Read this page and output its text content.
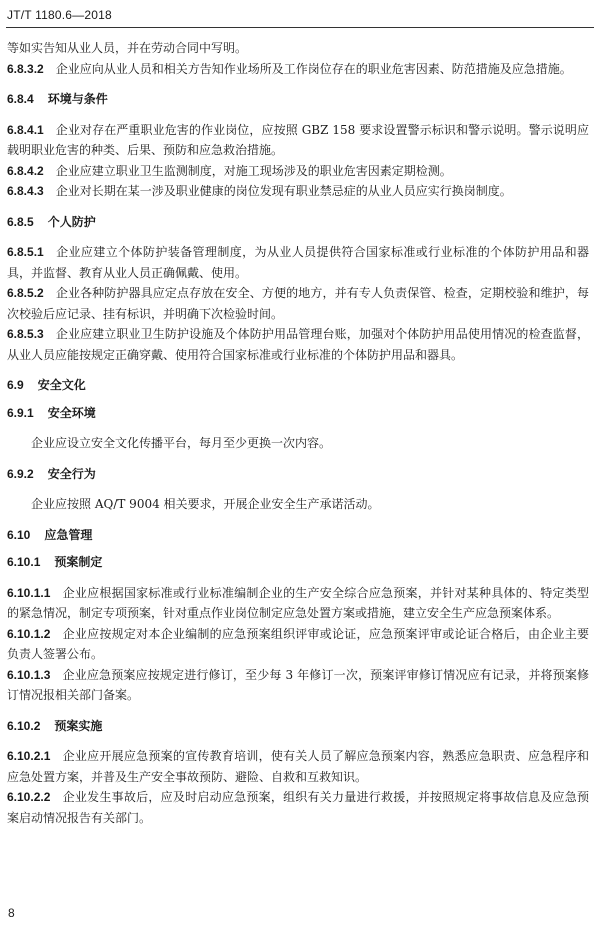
JT/T 1180.6—2018

等如实告知从业人员，并在劳动合同中写明。

6.8.3.2 企业应向从业人员和相关方告知作业场所及工作岗位存在的职业危害因素、防范措施及应急措施。

6.8.4 环境与条件

6.8.4.1 企业对存在严重职业危害的作业岗位，应按照 GBZ 158 要求设置警示标识和警示说明。警示说明应载明职业危害的种类、后果、预防和应急救治措施。

6.8.4.2 企业应建立职业卫生监测制度，对施工现场涉及的职业危害因素定期检测。

6.8.4.3 企业对长期在某一涉及职业健康的岗位发现有职业禁忌症的从业人员应实行换岗制度。

6.8.5 个人防护

6.8.5.1 企业应建立个体防护装备管理制度，为从业人员提供符合国家标准或行业标准的个体防护用品和器具，并监督、教育从业人员正确佩戴、使用。

6.8.5.2 企业各种防护器具应定点存放在安全、方便的地方，并有专人负责保管、检查，定期校验和维护，每次校验后应记录、挂有标识，并明确下次检验时间。

6.8.5.3 企业应建立职业卫生防护设施及个体防护用品管理台账，加强对个体防护用品使用情况的检查监督，从业人员应能按规定正确穿戴、使用符合国家标准或行业标准的个体防护用品和器具。

6.9 安全文化

6.9.1 安全环境

企业应设立安全文化传播平台，每月至少更换一次内容。

6.9.2 安全行为

企业应按照 AQ/T 9004 相关要求，开展企业安全生产承诺活动。

6.10 应急管理

6.10.1 预案制定

6.10.1.1 企业应根据国家标准或行业标准编制企业的生产安全综合应急预案，并针对某种具体的、特定类型的紧急情况，制定专项预案，针对重点作业岗位制定应急处置方案或措施，建立安全生产应急预案体系。

6.10.1.2 企业应按规定对本企业编制的应急预案组织评审或论证，应急预案评审或论证合格后，由企业主要负责人签署公布。

6.10.1.3 企业应急预案应按规定进行修订，至少每 3 年修订一次，预案评审修订情况应有记录，并将预案修订情况报相关部门备案。

6.10.2 预案实施

6.10.2.1 企业应开展应急预案的宣传教育培训，使有关人员了解应急预案内容，熟悉应急职责、应急程序和应急处置方案，并普及生产安全事故预防、避险、自救和互救知识。

6.10.2.2 企业发生事故后，应及时启动应急预案，组织有关力量进行救援，并按照规定将事故信息及应急预案启动情况报告有关部门。

8
